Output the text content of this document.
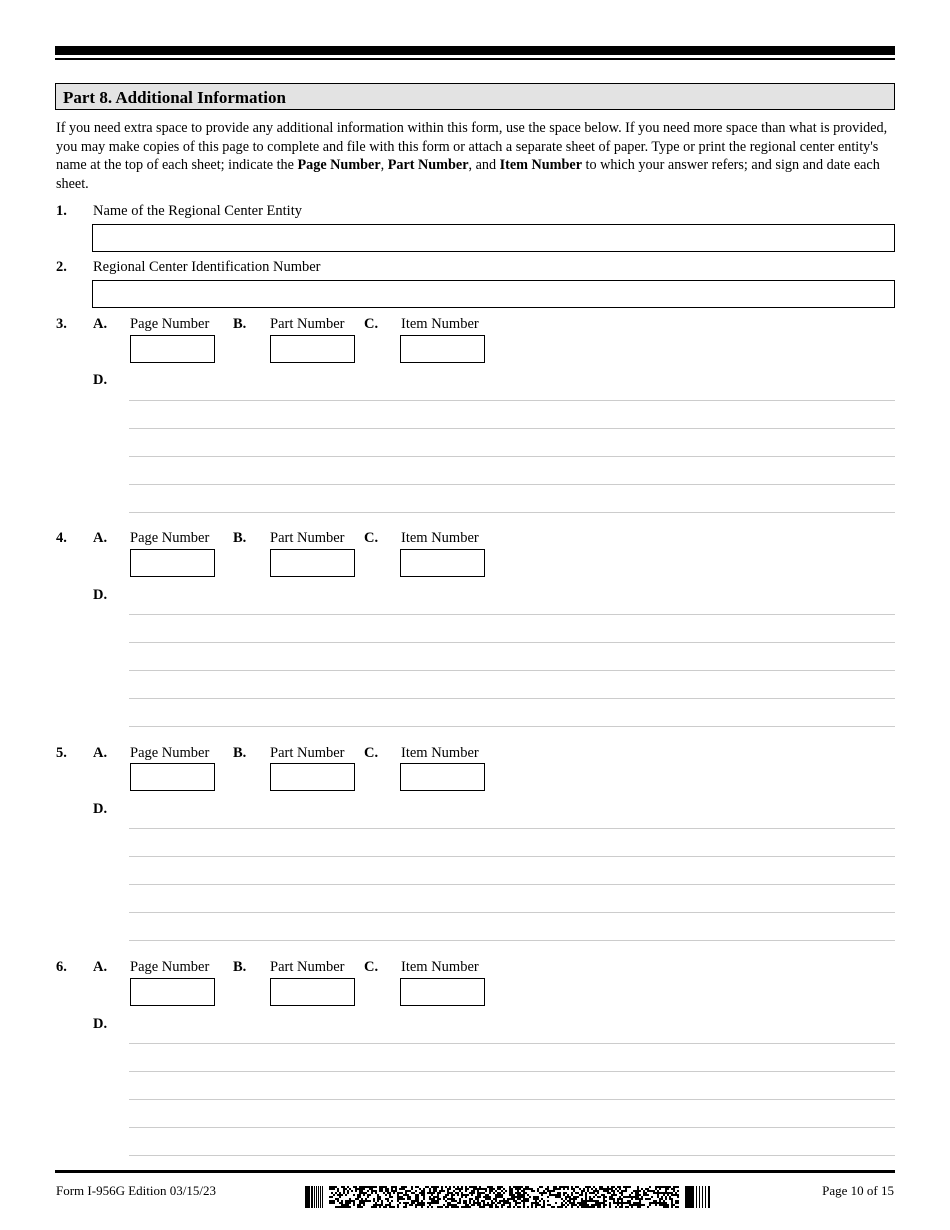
Part 8. Additional Information
If you need extra space to provide any additional information within this form, use the space below. If you need more space than what is provided, you may make copies of this page to complete and file with this form or attach a separate sheet of paper. Type or print the regional center entity's name at the top of each sheet; indicate the Page Number, Part Number, and Item Number to which your answer refers; and sign and date each sheet.
1. Name of the Regional Center Entity
2. Regional Center Identification Number
3. A. Page Number B. Part Number C. Item Number
D.
4. A. Page Number B. Part Number C. Item Number
D.
5. A. Page Number B. Part Number C. Item Number
D.
6. A. Page Number B. Part Number C. Item Number
D.
Form I-956G Edition 03/15/23	Page 10 of 15
